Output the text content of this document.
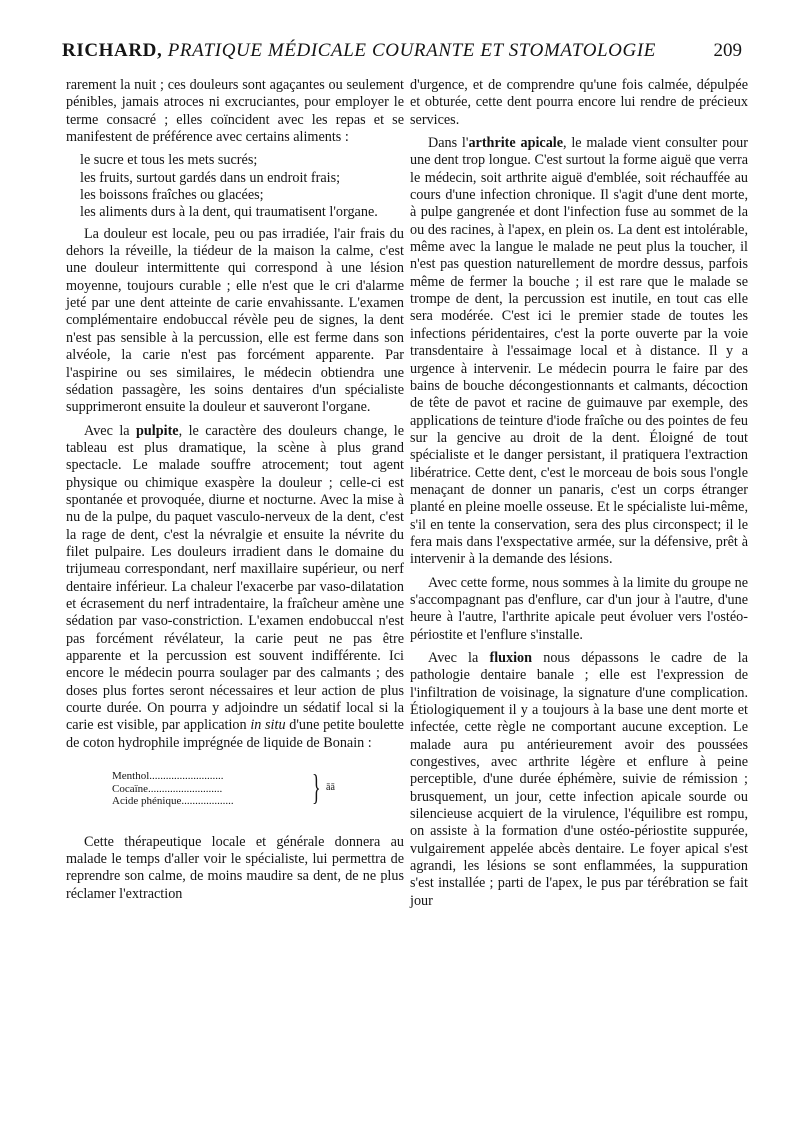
RICHARD, PRATIQUE MÉDICALE COURANTE ET STOMATOLOGIE	209

rarement la nuit ; ces douleurs sont agaçantes ou seulement pénibles, jamais atroces ni excruciantes, pour employer le terme consacré ; elles coïncident avec les repas et se manifestent de préférence avec certains aliments :

le sucre et tous les mets sucrés;
les fruits, surtout gardés dans un endroit frais;
les boissons fraîches ou glacées;
les aliments durs à la dent, qui traumatisent l'organe.

La douleur est locale, peu ou pas irradiée, l'air frais du dehors la réveille, la tiédeur de la maison la calme, c'est une douleur intermittente qui correspond à une lésion moyenne, toujours curable ; elle n'est que le cri d'alarme jeté par une dent atteinte de carie envahissante. L'examen complémentaire endobuccal révèle peu de signes, la dent n'est pas sensible à la percussion, elle est ferme dans son alvéole, la carie n'est pas forcément apparente. Par l'aspirine ou ses similaires, le médecin obtiendra une sédation passagère, les soins dentaires d'un spécialiste supprimeront ensuite la douleur et sauveront l'organe.

Avec la pulpite, le caractère des douleurs change, le tableau est plus dramatique, la scène à plus grand spectacle. Le malade souffre atrocement; tout agent physique ou chimique exaspère la douleur ; celle-ci est spontanée et provoquée, diurne et nocturne. Avec la mise à nu de la pulpe, du paquet vasculo-nerveux de la dent, c'est la rage de dent, c'est la névralgie et ensuite la névrite du filet pulpaire. Les douleurs irradient dans le domaine du trijumeau correspondant, nerf maxillaire supérieur, ou nerf dentaire inférieur. La chaleur l'exacerbe par vaso-dilatation et écrasement du nerf intradentaire, la fraîcheur amène une sédation par vaso-constriction. L'examen endobuccal n'est pas forcément révélateur, la carie peut ne pas être apparente et la percussion est souvent indifférente. Ici encore le médecin pourra soulager par des calmants ; des doses plus fortes seront nécessaires et leur action de plus courte durée. On pourra y adjoindre un sédatif local si la carie est visible, par application in situ d'une petite boulette de coton hydrophile imprégnée de liquide de Bonain :

Menthol...........................
Cocaïne...........................
Acide phénique...................	} āā

Cette thérapeutique locale et générale donnera au malade le temps d'aller voir le spécialiste, lui permettra de reprendre son calme, de moins maudire sa dent, de ne plus réclamer l'extraction

d'urgence, et de comprendre qu'une fois calmée, dépulpée et obturée, cette dent pourra encore lui rendre de précieux services.

Dans l'arthrite apicale, le malade vient consulter pour une dent trop longue. C'est surtout la forme aiguë que verra le médecin, soit arthrite aiguë d'emblée, soit réchauffée au cours d'une infection chronique. Il s'agit d'une dent morte, à pulpe gangrenée et dont l'infection fuse au sommet de la ou des racines, à l'apex, en plein os. La dent est intolérable, même avec la langue le malade ne peut plus la toucher, il n'est pas question naturellement de mordre dessus, parfois même de fermer la bouche ; il est rare que le malade se trompe de dent, la percussion est inutile, en tout cas elle sera modérée. C'est ici le premier stade de toutes les infections péridentaires, c'est la porte ouverte par la voie transdentaire à l'essaimage local et à distance. Il y a urgence à intervenir. Le médecin pourra le faire par des bains de bouche décongestionnants et calmants, décoction de tête de pavot et racine de guimauve par exemple, des applications de teinture d'iode fraîche ou des pointes de feu sur la gencive au droit de la dent. Éloigné de tout spécialiste et le danger persistant, il pratiquera l'extraction libératrice. Cette dent, c'est le morceau de bois sous l'ongle menaçant de donner un panaris, c'est un corps étranger planté en pleine moelle osseuse. Et le spécialiste lui-même, s'il en tente la conservation, sera des plus circonspect; il le fera mais dans l'exspectative armée, sur la défensive, prêt à intervenir à la demande des lésions.

Avec cette forme, nous sommes à la limite du groupe ne s'accompagnant pas d'enflure, car d'un jour à l'autre, d'une heure à l'autre, l'arthrite apicale peut évoluer vers l'ostéo-périostite et l'enflure s'installe.

Avec la fluxion nous dépassons le cadre de la pathologie dentaire banale ; elle est l'expression de l'infiltration de voisinage, la signature d'une complication. Étiologiquement il y a toujours à la base une dent morte et infectée, cette règle ne comportant aucune exception. Le malade aura pu antérieurement avoir des poussées congestives, avec arthrite légère et enflure à peine perceptible, d'une durée éphémère, suivie de rémission ; brusquement, un jour, cette infection apicale sourde ou silencieuse acquiert de la virulence, l'équilibre est rompu, on assiste à la formation d'une ostéo-périostite suppurée, vulgairement appelée abcès dentaire. Le foyer apical s'est agrandi, les lésions se sont enflammées, la suppuration s'est installée ; parti de l'apex, le pus par térébration se fait jour
